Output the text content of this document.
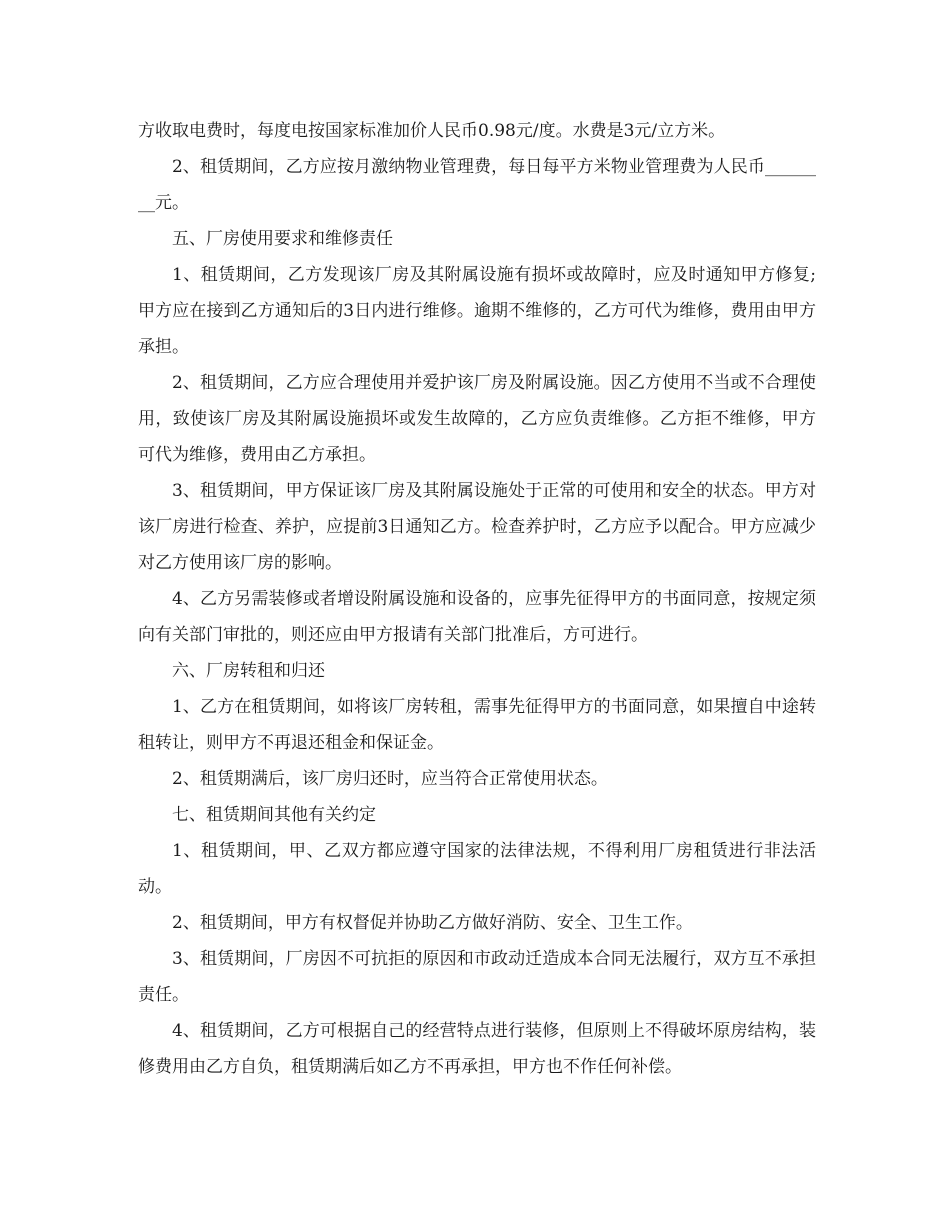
方收取电费时，每度电按国家标准加价人民币0.98元/度。水费是3元/立方米。

2、租赁期间，乙方应按月激纳物业管理费，每日每平方米物业管理费为人民币________元。

五、厂房使用要求和维修责任

1、租赁期间，乙方发现该厂房及其附属设施有损坏或故障时，应及时通知甲方修复;甲方应在接到乙方通知后的3日内进行维修。逾期不维修的，乙方可代为维修，费用由甲方承担。

2、租赁期间，乙方应合理使用并爱护该厂房及附属设施。因乙方使用不当或不合理使用，致使该厂房及其附属设施损坏或发生故障的，乙方应负责维修。乙方拒不维修，甲方可代为维修，费用由乙方承担。

3、租赁期间，甲方保证该厂房及其附属设施处于正常的可使用和安全的状态。甲方对该厂房进行检查、养护，应提前3日通知乙方。检查养护时，乙方应予以配合。甲方应减少对乙方使用该厂房的影响。

4、乙方另需装修或者增设附属设施和设备的，应事先征得甲方的书面同意，按规定须向有关部门审批的，则还应由甲方报请有关部门批准后，方可进行。

六、厂房转租和归还

1、乙方在租赁期间，如将该厂房转租，需事先征得甲方的书面同意，如果擅自中途转租转让，则甲方不再退还租金和保证金。

2、租赁期满后，该厂房归还时，应当符合正常使用状态。

七、租赁期间其他有关约定

1、租赁期间，甲、乙双方都应遵守国家的法律法规，不得利用厂房租赁进行非法活动。

2、租赁期间，甲方有权督促并协助乙方做好消防、安全、卫生工作。

3、租赁期间，厂房因不可抗拒的原因和市政动迁造成本合同无法履行，双方互不承担责任。

4、租赁期间，乙方可根据自己的经营特点进行装修，但原则上不得破坏原房结构，装修费用由乙方自负，租赁期满后如乙方不再承担，甲方也不作任何补偿。
